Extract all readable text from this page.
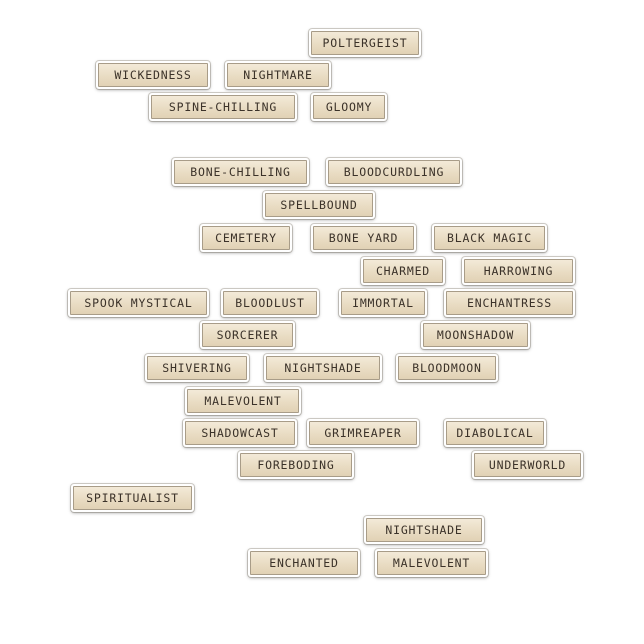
POLTERGEIST
WICKEDNESS	NIGHTMARE
SPINE-CHILLING	GLOOMY
BONE-CHILLING	BLOODCURDLING
SPELLBOUND
CEMETERY	BONE YARD	BLACK MAGIC
CHARMED	HARROWING
SPOOK MYSTICAL	BLOODLUST	IMMORTAL	ENCHANTRESS
SORCERER	MOONSHADOW
SHIVERING	NIGHTSHADE	BLOODMOON
MALEVOLENT
SHADOWCAST	GRIMREAPER	DIABOLICAL
FOREBODING	UNDERWORLD
SPIRITUALIST
NIGHTSHADE
ENCHANTED	MALEVOLENT
